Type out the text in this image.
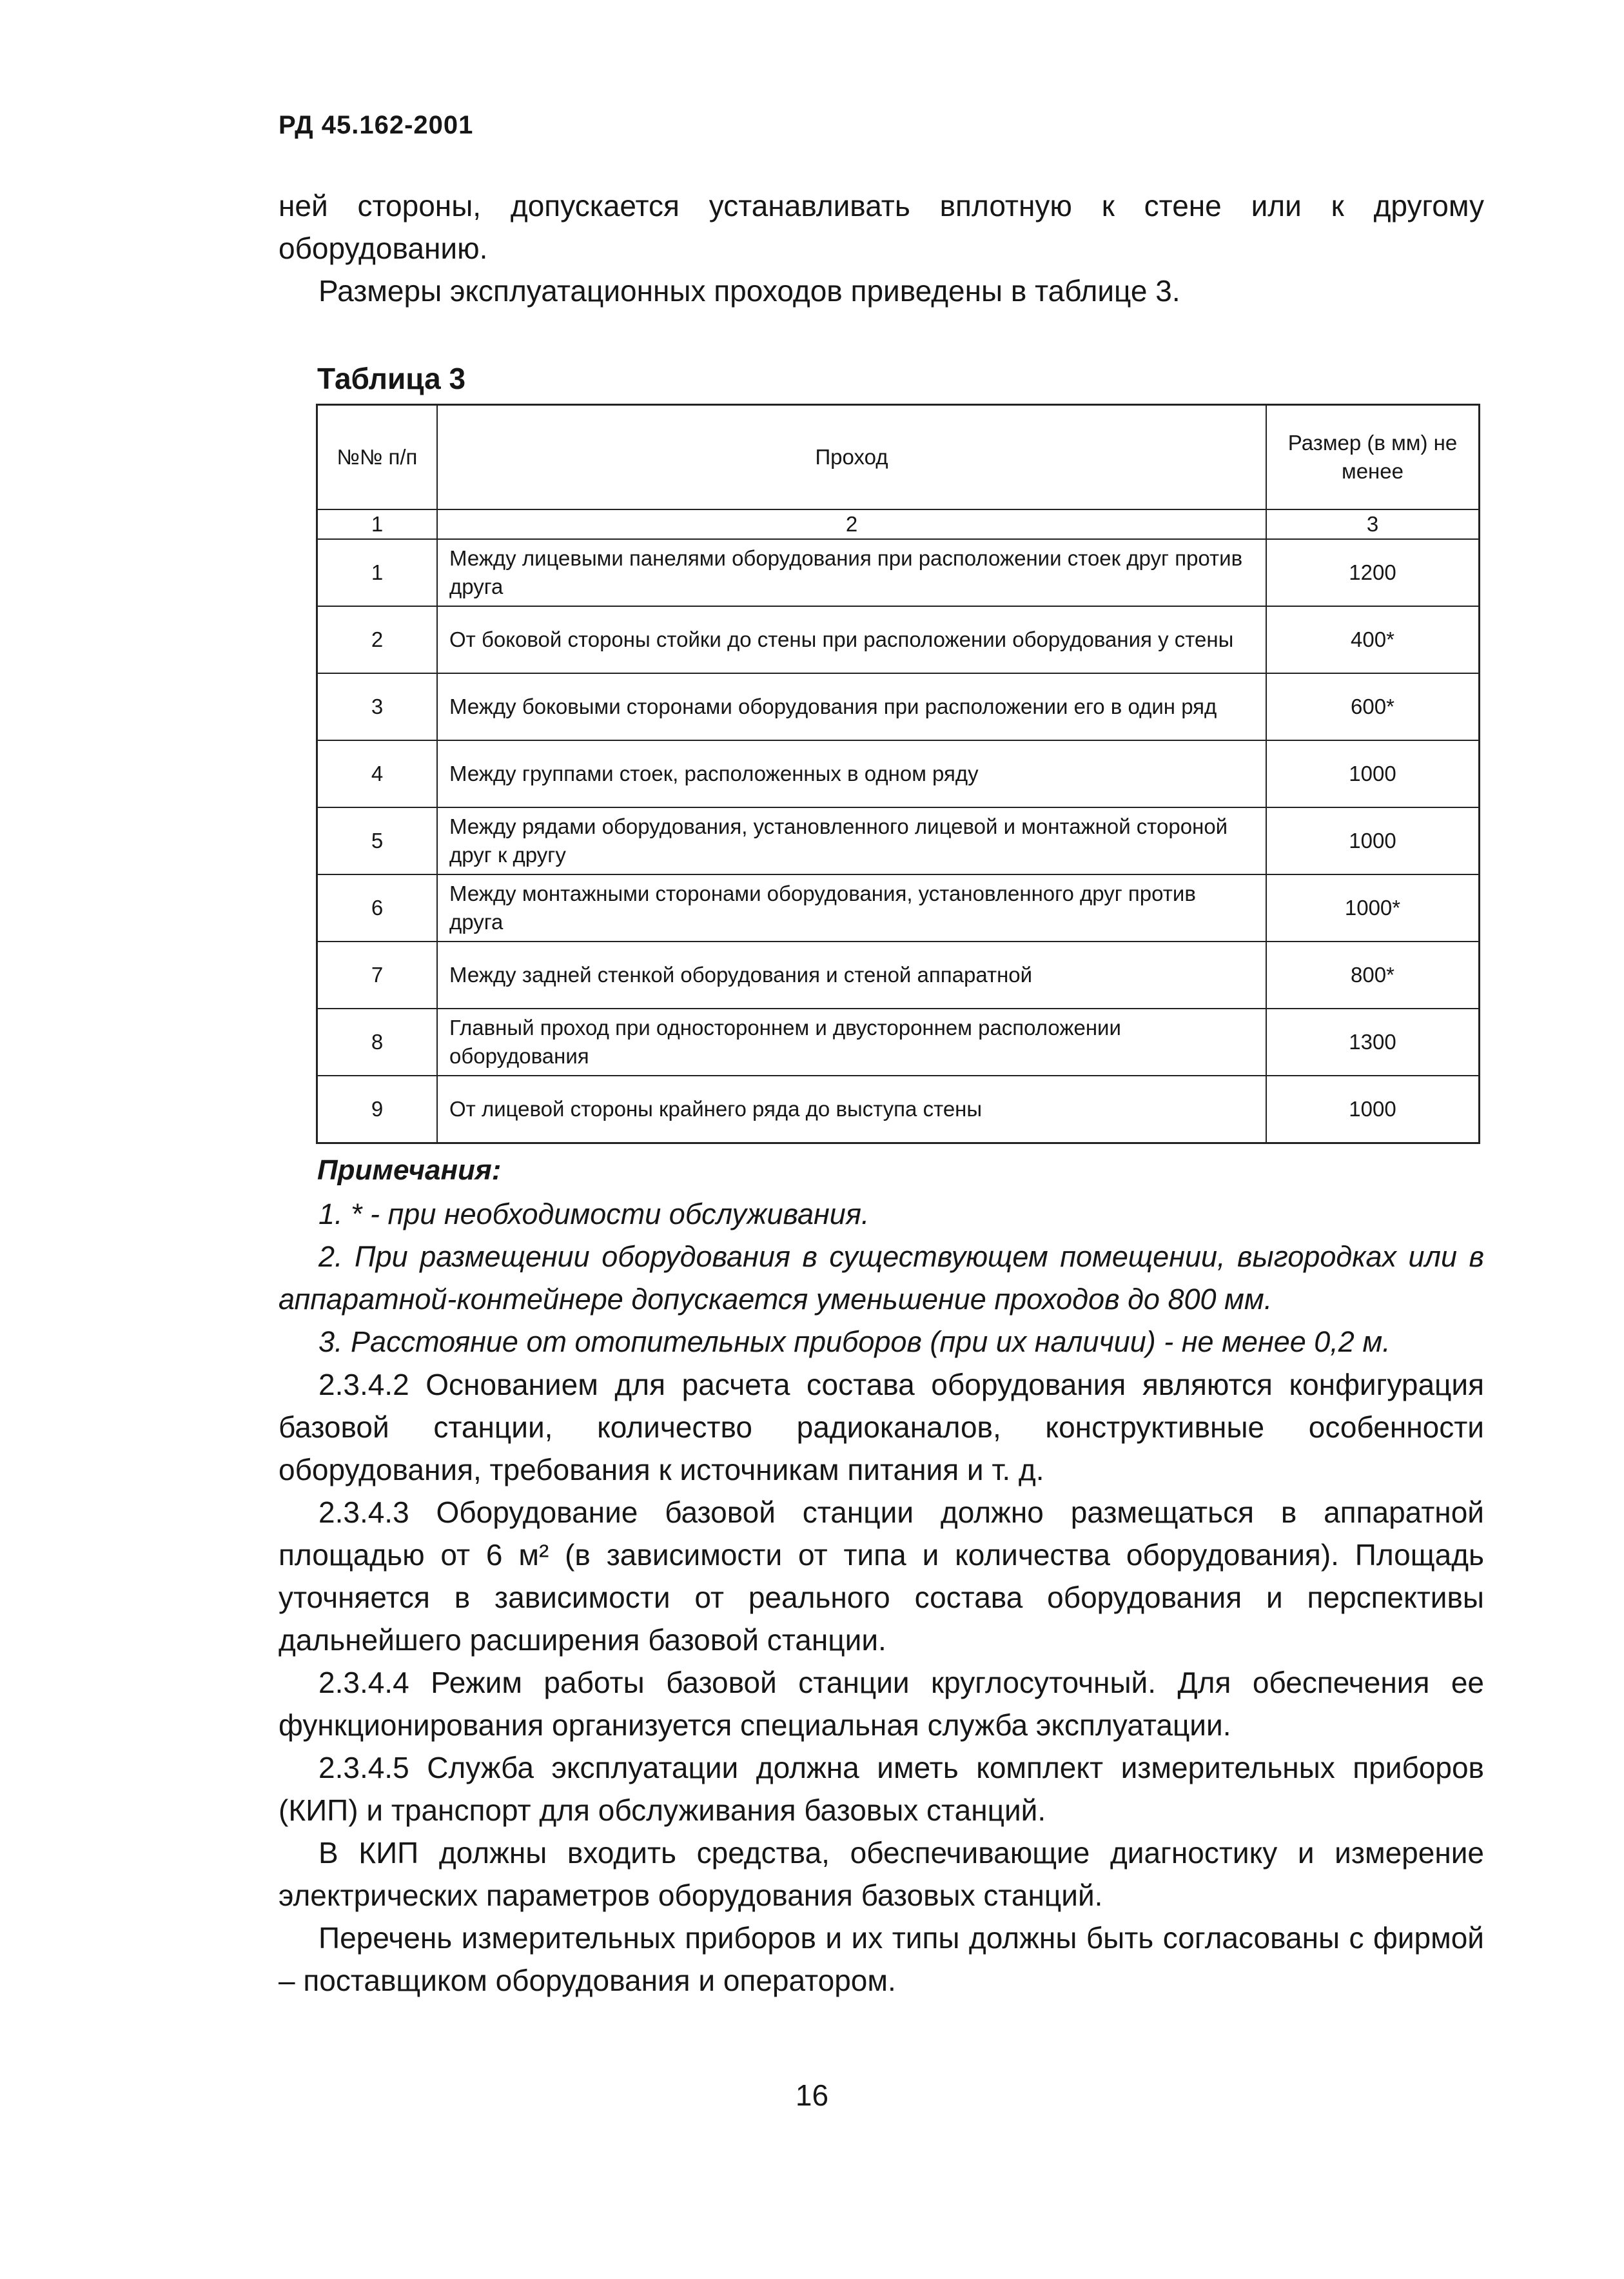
РД 45.162-2001

ней стороны, допускается устанавливать вплотную к стене или к другому оборудованию.

Размеры эксплуатационных проходов приведены в таблице 3.

Таблица 3
№№ п/п	Проход	Размер (в мм) не менее
1	2	3
1	Между лицевыми панелями оборудования при расположении стоек друг против друга	1200
2	От боковой стороны стойки до стены при расположении оборудования у стены	400*
3	Между боковыми сторонами оборудования при расположении его в один ряд	600*
4	Между группами стоек, расположенных в одном ряду	1000
5	Между рядами оборудования, установленного лицевой и монтажной стороной друг к другу	1000
6	Между монтажными сторонами оборудования, установленного друг против друга	1000*
7	Между задней стенкой оборудования и стеной аппаратной	800*
8	Главный проход при одностороннем и двустороннем расположении оборудования	1300
9	От лицевой стороны крайнего ряда до выступа стены	1000
Примечания:

1. * - при необходимости обслуживания.

2. При размещении оборудования в существующем помещении, выгородках или в аппаратной-контейнере допускается уменьшение проходов до 800 мм.

3. Расстояние от отопительных приборов (при их наличии) - не менее 0,2 м.

2.3.4.2 Основанием для расчета состава оборудования являются конфигурация базовой станции, количество радиоканалов, конструктивные особенности оборудования, требования к источникам питания и т. д.

2.3.4.3 Оборудование базовой станции должно размещаться в аппаратной площадью от 6 м² (в зависимости от типа и количества оборудования). Площадь уточняется в зависимости от реального состава оборудования и перспективы дальнейшего расширения базовой станции.

2.3.4.4 Режим работы базовой станции круглосуточный. Для обеспечения ее функционирования организуется специальная служба эксплуатации.

2.3.4.5 Служба эксплуатации должна иметь комплект измерительных приборов (КИП) и транспорт для обслуживания базовых станций.

В КИП должны входить средства, обеспечивающие диагностику и измерение электрических параметров оборудования базовых станций.

Перечень измерительных приборов и их типы должны быть согласованы с фирмой – поставщиком оборудования и оператором.

16
